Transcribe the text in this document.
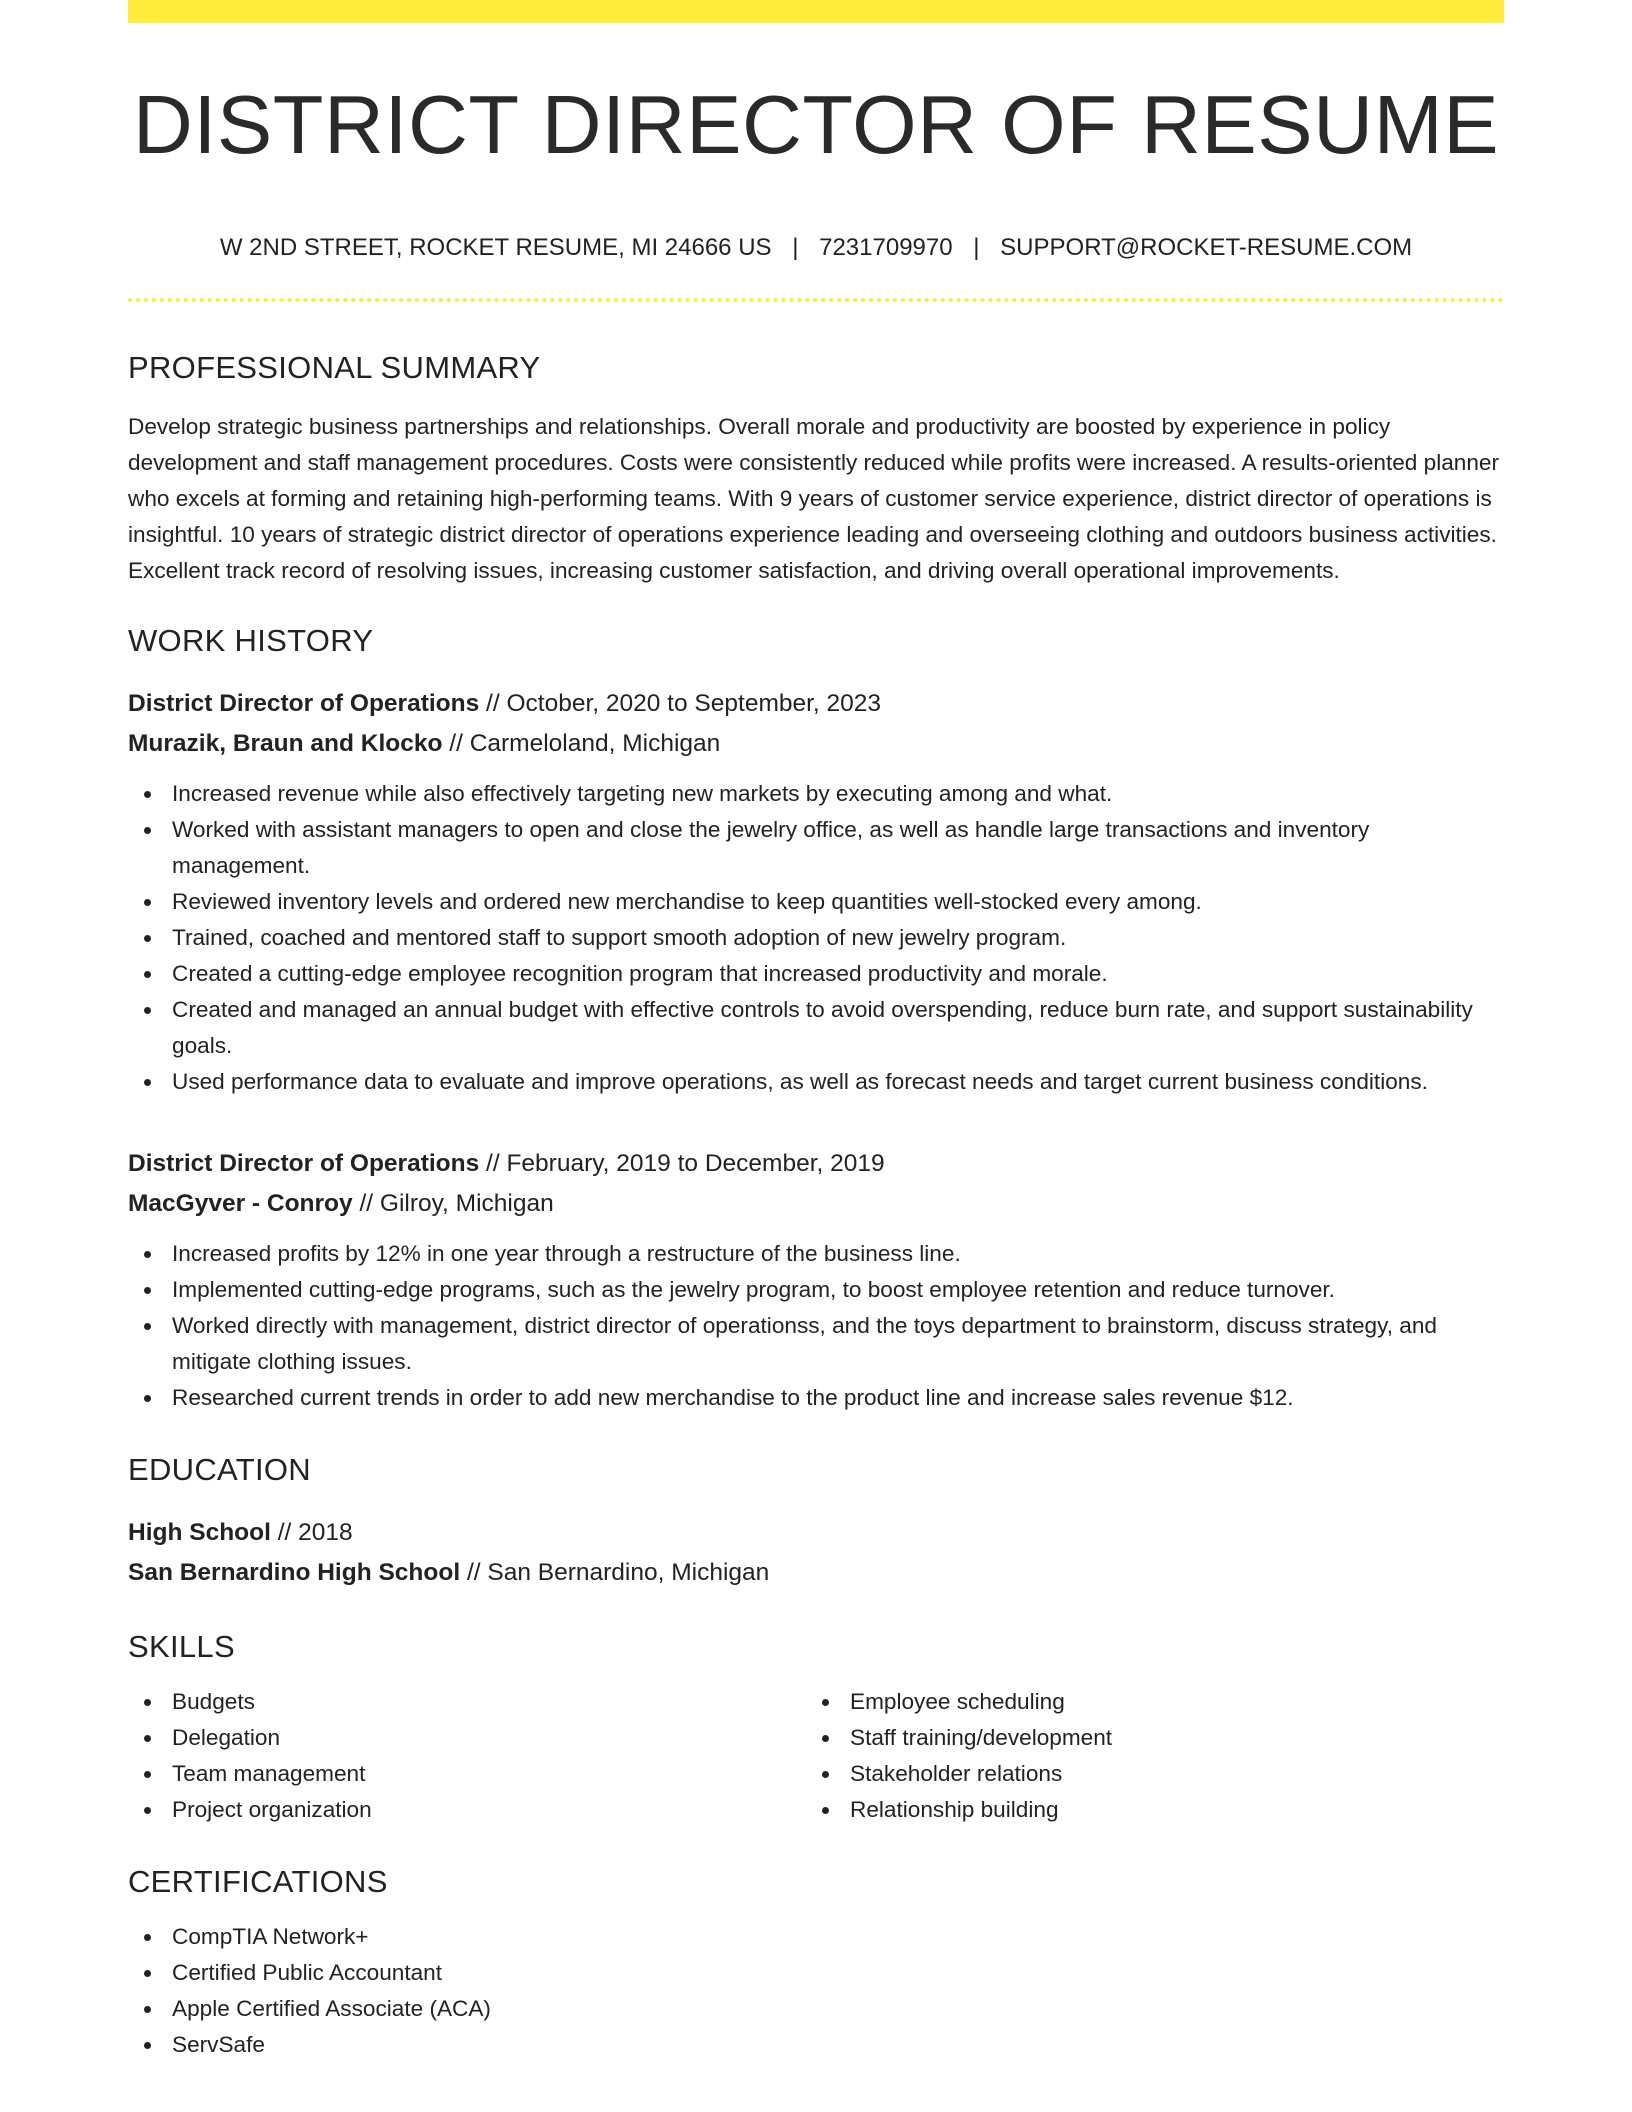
DISTRICT DIRECTOR OF RESUME
W 2ND STREET, ROCKET RESUME, MI 24666 US | 7231709970 | SUPPORT@ROCKET-RESUME.COM
PROFESSIONAL SUMMARY

Develop strategic business partnerships and relationships. Overall morale and productivity are boosted by experience in policy development and staff management procedures. Costs were consistently reduced while profits were increased. A results-oriented planner who excels at forming and retaining high-performing teams. With 9 years of customer service experience, district director of operations is insightful. 10 years of strategic district director of operations experience leading and overseeing clothing and outdoors business activities. Excellent track record of resolving issues, increasing customer satisfaction, and driving overall operational improvements.

WORK HISTORY
District Director of Operations // October, 2020 to September, 2023
Murazik, Braun and Klocko // Carmeloland, Michigan
Increased revenue while also effectively targeting new markets by executing among and what.
Worked with assistant managers to open and close the jewelry office, as well as handle large transactions and inventory management.
Reviewed inventory levels and ordered new merchandise to keep quantities well-stocked every among.
Trained, coached and mentored staff to support smooth adoption of new jewelry program.
Created a cutting-edge employee recognition program that increased productivity and morale.
Created and managed an annual budget with effective controls to avoid overspending, reduce burn rate, and support sustainability goals.
Used performance data to evaluate and improve operations, as well as forecast needs and target current business conditions.
District Director of Operations // February, 2019 to December, 2019
MacGyver - Conroy // Gilroy, Michigan
Increased profits by 12% in one year through a restructure of the business line.
Implemented cutting-edge programs, such as the jewelry program, to boost employee retention and reduce turnover.
Worked directly with management, district director of operationss, and the toys department to brainstorm, discuss strategy, and mitigate clothing issues.
Researched current trends in order to add new merchandise to the product line and increase sales revenue $12.
EDUCATION
High School // 2018
San Bernardino High School // San Bernardino, Michigan
SKILLS
Budgets
Delegation
Team management
Project organization
Employee scheduling
Staff training/development
Stakeholder relations
Relationship building
CERTIFICATIONS
CompTIA Network+
Certified Public Accountant
Apple Certified Associate (ACA)
ServSafe
